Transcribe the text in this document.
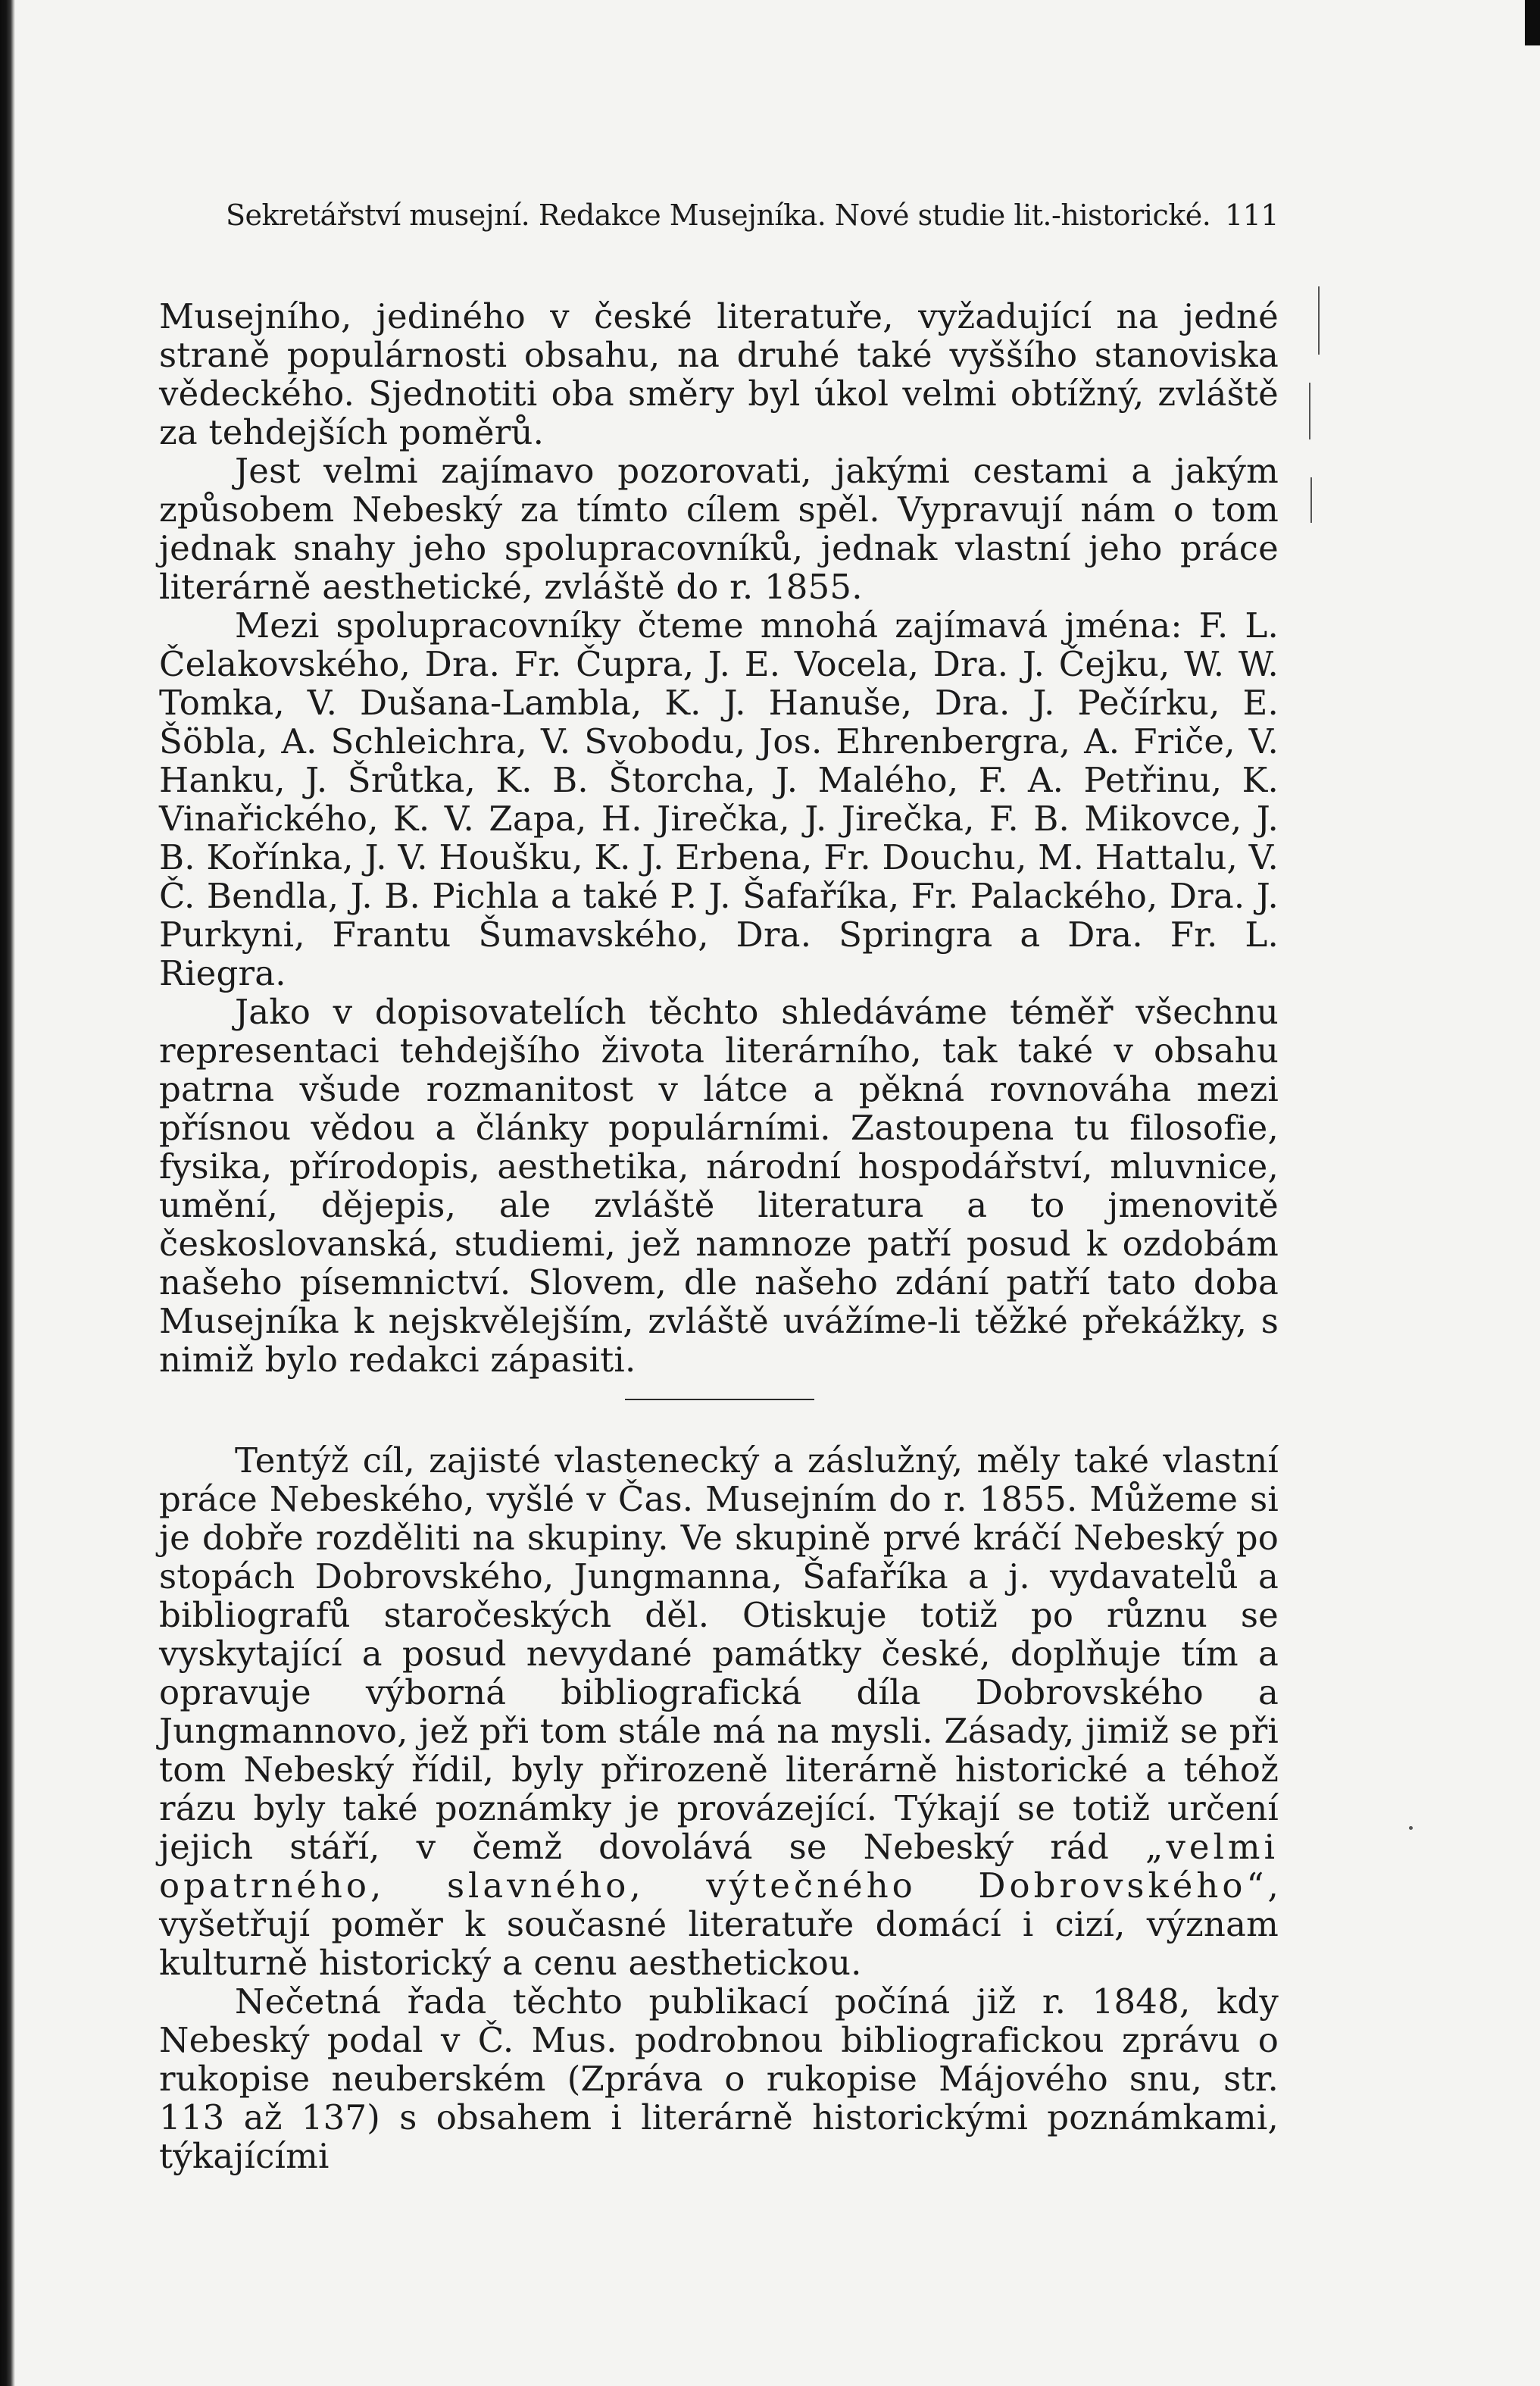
Sekretářství musejní. Redakce Musejníka. Nové studie lit.-historické. 111

Musejního, jediného v české literatuře, vyžadující na jedné straně populárnosti obsahu, na druhé také vyššího stanoviska vědeckého. Sjednotiti oba směry byl úkol velmi obtížný, zvláště za tehdejších poměrů.

Jest velmi zajímavo pozorovati, jakými cestami a jakým způsobem Nebeský za tímto cílem spěl. Vypravují nám o tom jednak snahy jeho spolupracovníků, jednak vlastní jeho práce literárně aesthetické, zvláště do r. 1855.

Mezi spolupracovníky čteme mnohá zajímavá jména: F. L. Čelakovského, Dra. Fr. Čupra, J. E. Vocela, Dra. J. Čejku, W. W. Tomka, V. Dušana-Lambla, K. J. Hanuše, Dra. J. Pečírku, E. Šöbla, A. Schleichra, V. Svobodu, Jos. Ehrenbergra, A. Friče, V. Hanku, J. Šrůtka, K. B. Štorcha, J. Malého, F. A. Petřinu, K. Vinařického, K. V. Zapa, H. Jirečka, J. Jirečka, F. B. Mikovce, J. B. Kořínka, J. V. Houšku, K. J. Erbena, Fr. Douchu, M. Hattalu, V. Č. Bendla, J. B. Pichla a také P. J. Šafaříka, Fr. Palackého, Dra. J. Purkyni, Frantu Šumavského, Dra. Springra a Dra. Fr. L. Riegra.

Jako v dopisovatelích těchto shledáváme téměř všechnu representaci tehdejšího života literárního, tak také v obsahu patrna všude rozmanitost v látce a pěkná rovnováha mezi přísnou vědou a články populárními. Zastoupena tu filosofie, fysika, přírodopis, aesthetika, národní hospodářství, mluvnice, umění, dějepis, ale zvláště literatura a to jmenovitě českoslovanská, studiemi, jež namnoze patří posud k ozdobám našeho písemnictví. Slovem, dle našeho zdání patří tato doba Musejníka k nejskvělejším, zvláště uvážíme-li těžké překážky, s nimiž bylo redakci zápasiti.

Tentýž cíl, zajisté vlastenecký a záslužný, měly také vlastní práce Nebeského, vyšlé v Čas. Musejním do r. 1855. Můžeme si je dobře rozděliti na skupiny. Ve skupině prvé kráčí Nebeský po stopách Dobrovského, Jungmanna, Šafaříka a j. vydavatelů a bibliografů staročeských děl. Otiskuje totiž po různu se vyskytající a posud nevydané památky české, doplňuje tím a opravuje výborná bibliografická díla Dobrovského a Jungmannovo, jež při tom stále má na mysli. Zásady, jimiž se při tom Nebeský řídil, byly přirozeně literárně historické a téhož rázu byly také poznámky je provázející. Týkají se totiž určení jejich stáří, v čemž dovolává se Nebeský rád „velmi opatrného, slavného, výtečného Dobrovského“, vyšetřují poměr k současné literatuře domácí i cizí, význam kulturně historický a cenu aesthetickou.

Nečetná řada těchto publikací počíná již r. 1848, kdy Nebeský podal v Č. Mus. podrobnou bibliografickou zprávu o rukopise neuberském (Zpráva o rukopise Májového snu, str. 113 až 137) s obsahem i literárně historickými poznámkami, týkajícími
